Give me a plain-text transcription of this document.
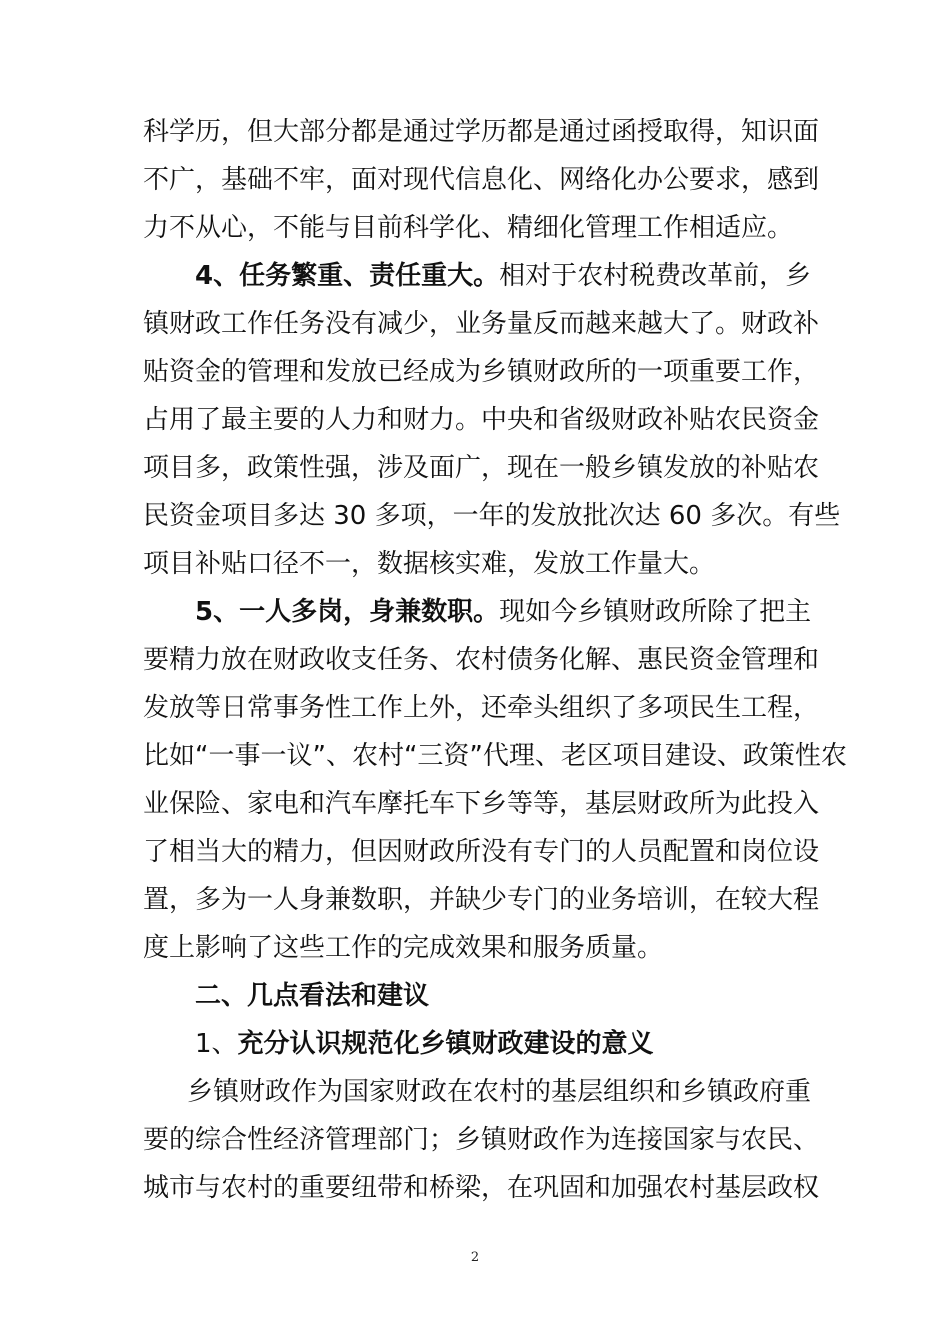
科学历，但大部分都是通过学历都是通过函授取得，知识面
不广，基础不牢，面对现代信息化、网络化办公要求，感到
力不从心，不能与目前科学化、精细化管理工作相适应。
4、任务繁重、责任重大。相对于农村税费改革前，乡
镇财政工作任务没有减少，业务量反而越来越大了。财政补
贴资金的管理和发放已经成为乡镇财政所的一项重要工作，
占用了最主要的人力和财力。中央和省级财政补贴农民资金
项目多，政策性强，涉及面广，现在一般乡镇发放的补贴农
民资金项目多达 30 多项，一年的发放批次达 60 多次。有些
项目补贴口径不一，数据核实难，发放工作量大。
5、一人多岗，身兼数职。现如今乡镇财政所除了把主
要精力放在财政收支任务、农村债务化解、惠民资金管理和
发放等日常事务性工作上外，还牵头组织了多项民生工程，
比如“一事一议”、农村“三资”代理、老区项目建设、政策性农
业保险、家电和汽车摩托车下乡等等，基层财政所为此投入
了相当大的精力，但因财政所没有专门的人员配置和岗位设
置，多为一人身兼数职，并缺少专门的业务培训，在较大程
度上影响了这些工作的完成效果和服务质量。
二、几点看法和建议
1、充分认识规范化乡镇财政建设的意义
乡镇财政作为国家财政在农村的基层组织和乡镇政府重
要的综合性经济管理部门；乡镇财政作为连接国家与农民、
城市与农村的重要纽带和桥梁，在巩固和加强农村基层政权
2
